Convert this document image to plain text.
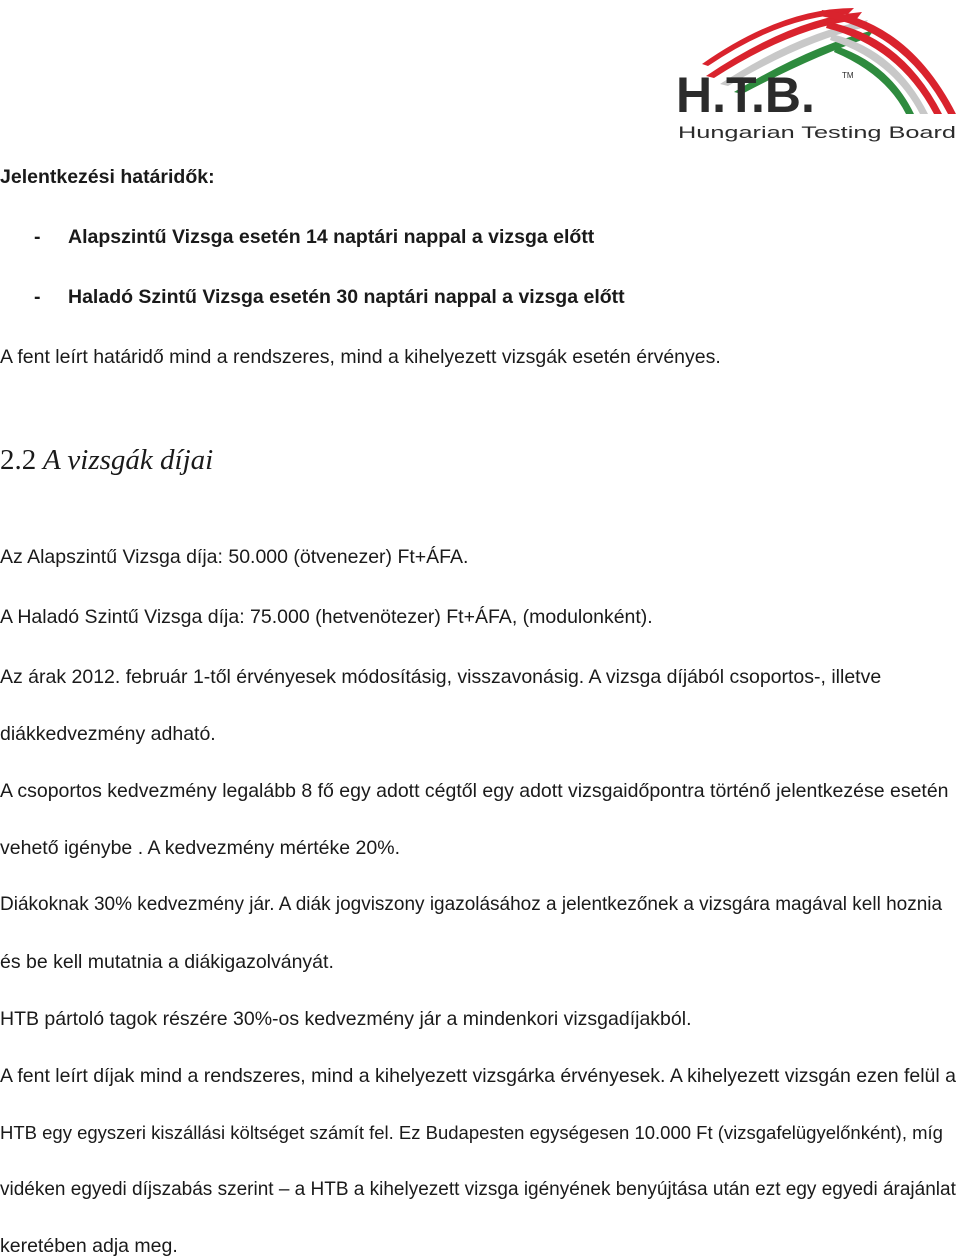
H.T.B.	TM
Hungarian Testing Board
Jelentkezési határidők:
- Alapszintű Vizsga esetén 14 naptári nappal a vizsga előtt
- Haladó Szintű Vizsga esetén 30 naptári nappal a vizsga előtt
A fent leírt határidő mind a rendszeres, mind a kihelyezett vizsgák esetén érvényes.
2.2 A vizsgák díjai
Az Alapszintű Vizsga díja: 50.000 (ötvenezer) Ft+ÁFA.
A Haladó Szintű Vizsga díja: 75.000 (hetvenötezer) Ft+ÁFA, (modulonként).
Az árak 2012. február 1-től érvényesek módosításig, visszavonásig. A vizsga díjából csoportos-, illetve
diákkedvezmény adható.
A csoportos kedvezmény legalább 8 fő egy adott cégtől egy adott vizsgaidőpontra történő jelentkezése esetén
vehető igénybe . A kedvezmény mértéke 20%.
Diákoknak 30% kedvezmény jár. A diák jogviszony igazolásához a jelentkezőnek a vizsgára magával kell hoznia
és be kell mutatnia a diákigazolványát.
HTB pártoló tagok részére 30%-os kedvezmény jár a mindenkori vizsgadíjakból.
A fent leírt díjak mind a rendszeres, mind a kihelyezett vizsgárka érvényesek. A kihelyezett vizsgán ezen felül a
HTB egy egyszeri kiszállási költséget számít fel. Ez Budapesten egységesen 10.000 Ft (vizsgafelügyelőnként), míg
vidéken egyedi díjszabás szerint – a HTB a kihelyezett vizsga igényének benyújtása után ezt egy egyedi árajánlat
keretében adja meg.
